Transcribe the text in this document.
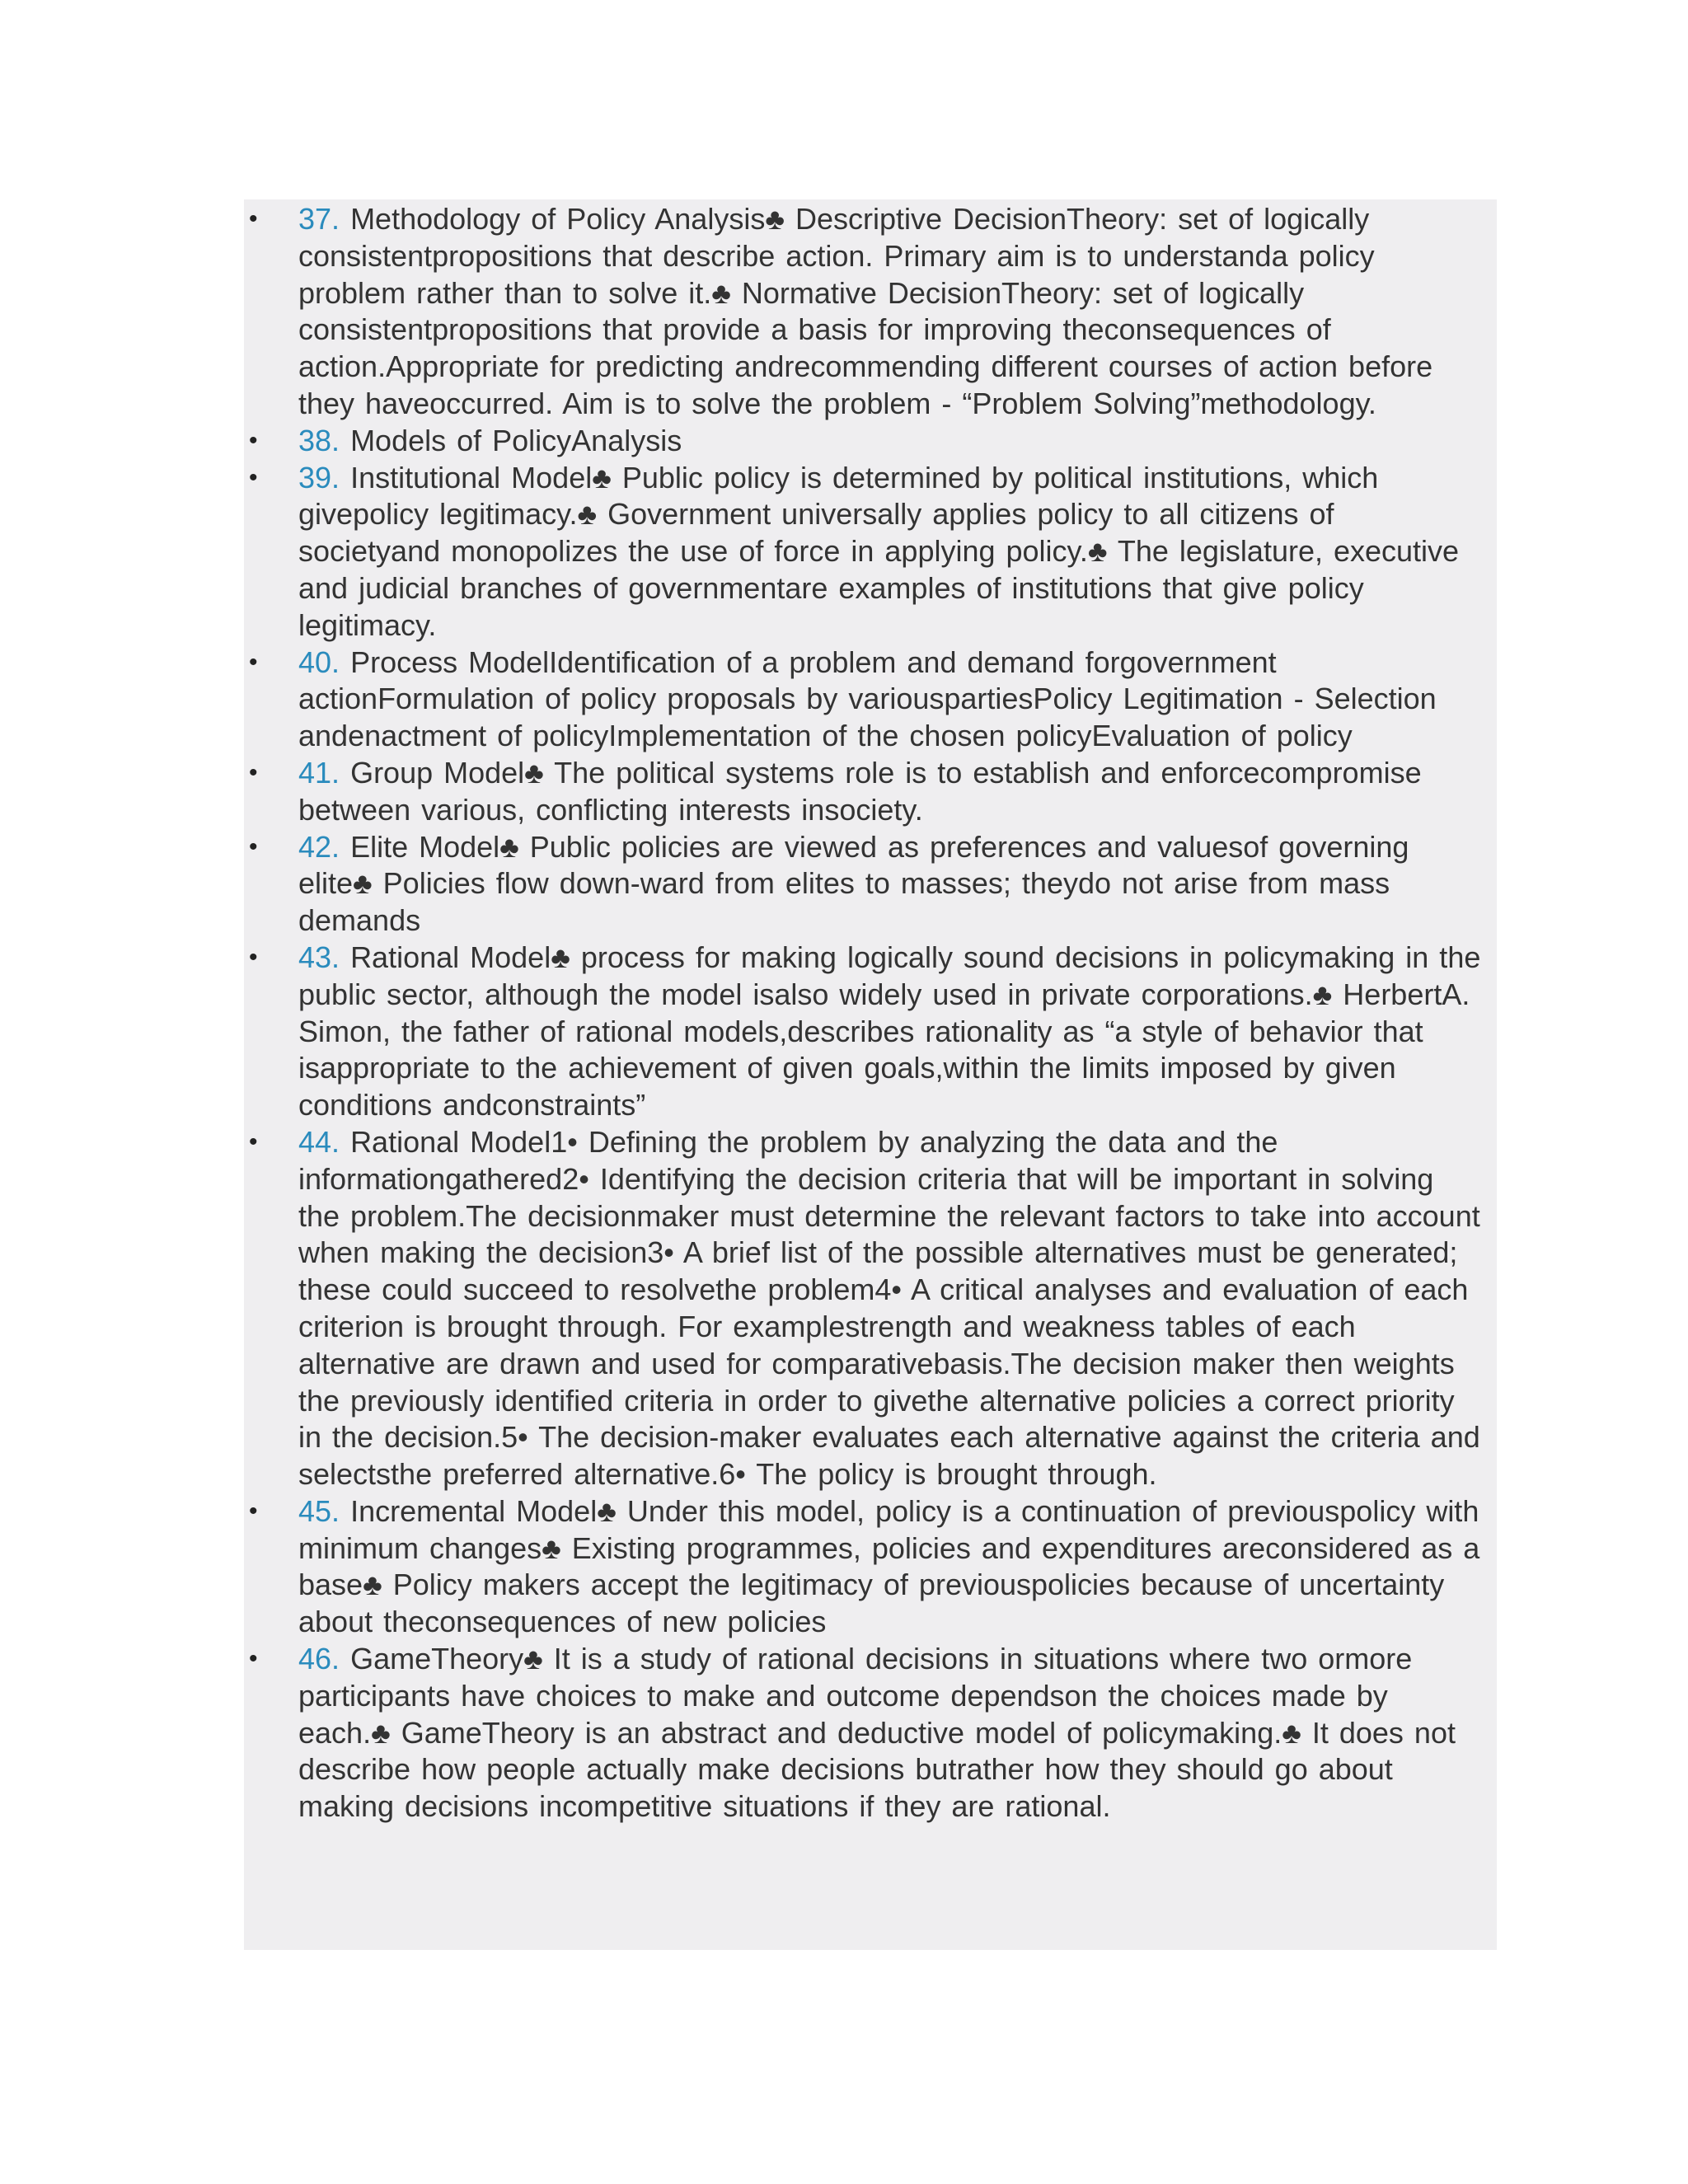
• 37. Methodology of Policy Analysis♣ Descriptive DecisionTheory: set of logically consistentpropositions that describe action. Primary aim is to understanda policy problem rather than to solve it.♣ Normative DecisionTheory: set of logically consistentpropositions that provide a basis for improving theconsequences of action.Appropriate for predicting andrecommending different courses of action before they haveoccurred. Aim is to solve the problem - “Problem Solving”methodology.
• 38. Models of PolicyAnalysis
• 39. Institutional Model♣ Public policy is determined by political institutions, which givepolicy legitimacy.♣ Government universally applies policy to all citizens of societyand monopolizes the use of force in applying policy.♣ The legislature, executive and judicial branches of governmentare examples of institutions that give policy legitimacy.
• 40. Process ModelIdentification of a problem and demand forgovernment actionFormulation of policy proposals by variouspartiesPolicy Legitimation - Selection andenactment of policyImplementation of the chosen policyEvaluation of policy
• 41. Group Model♣ The political systems role is to establish and enforcecompromise between various, conflicting interests insociety.
• 42. Elite Model♣ Public policies are viewed as preferences and valuesof governing elite♣ Policies flow down-ward from elites to masses; theydo not arise from mass demands
• 43. Rational Model♣ process for making logically sound decisions in policymaking in the public sector, although the model isalso widely used in private corporations.♣ HerbertA. Simon, the father of rational models,describes rationality as “a style of behavior that isappropriate to the achievement of given goals,within the limits imposed by given conditions andconstraints”
• 44. Rational Model1• Defining the problem by analyzing the data and the informationgathered2• Identifying the decision criteria that will be important in solving the problem.The decisionmaker must determine the relevant factors to take into account when making the decision3• A brief list of the possible alternatives must be generated; these could succeed to resolvethe problem4• A critical analyses and evaluation of each criterion is brought through. For examplestrength and weakness tables of each alternative are drawn and used for comparativebasis.The decision maker then weights the previously identified criteria in order to givethe alternative policies a correct priority in the decision.5• The decision-maker evaluates each alternative against the criteria and selectsthe preferred alternative.6• The policy is brought through.
• 45. Incremental Model♣ Under this model, policy is a continuation of previouspolicy with minimum changes♣ Existing programmes, policies and expenditures areconsidered as a base♣ Policy makers accept the legitimacy of previouspolicies because of uncertainty about theconsequences of new policies
• 46. GameTheory♣ It is a study of rational decisions in situations where two ormore participants have choices to make and outcome dependson the choices made by each.♣ GameTheory is an abstract and deductive model of policymaking.♣ It does not describe how people actually make decisions butrather how they should go about making decisions incompetitive situations if they are rational.
